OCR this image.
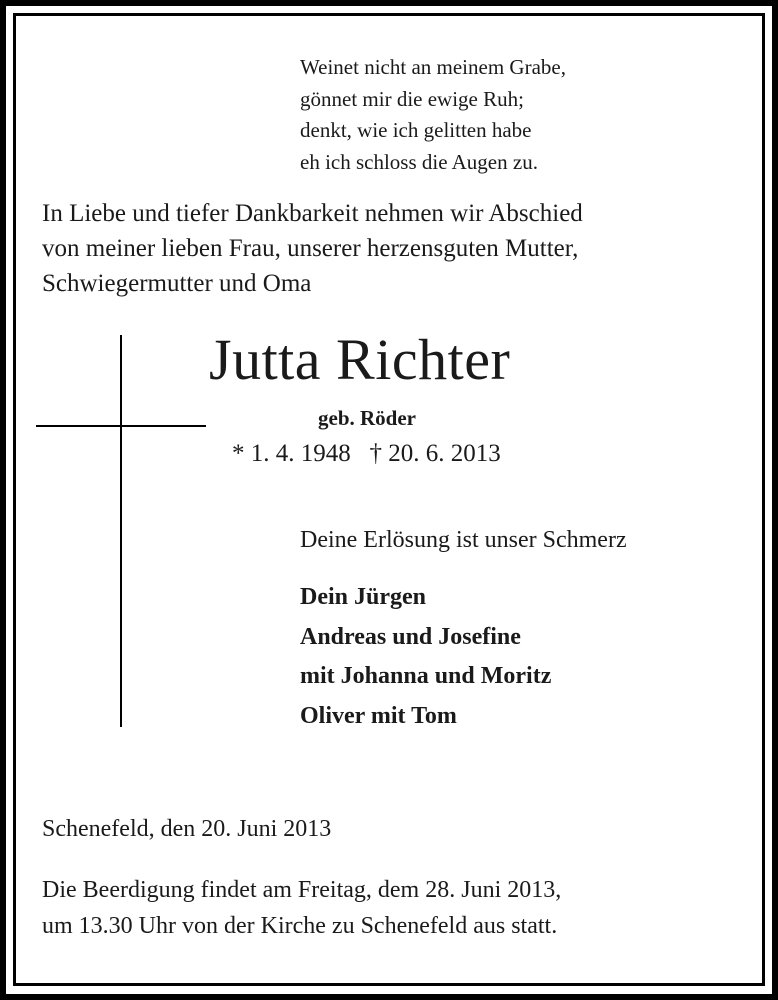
Weinet nicht an meinem Grabe,
gönnet mir die ewige Ruh;
denkt, wie ich gelitten habe
eh ich schloss die Augen zu.
In Liebe und tiefer Dankbarkeit nehmen wir Abschied
von meiner lieben Frau, unserer herzensguten Mutter,
Schwiegermutter und Oma
Jutta Richter
geb. Röder
* 1. 4. 1948   † 20. 6. 2013
Deine Erlösung ist unser Schmerz
Dein Jürgen
Andreas und Josefine
mit Johanna und Moritz
Oliver mit Tom
Schenefeld, den 20. Juni 2013
Die Beerdigung findet am Freitag, dem 28. Juni 2013,
um 13.30 Uhr von der Kirche zu Schenefeld aus statt.
